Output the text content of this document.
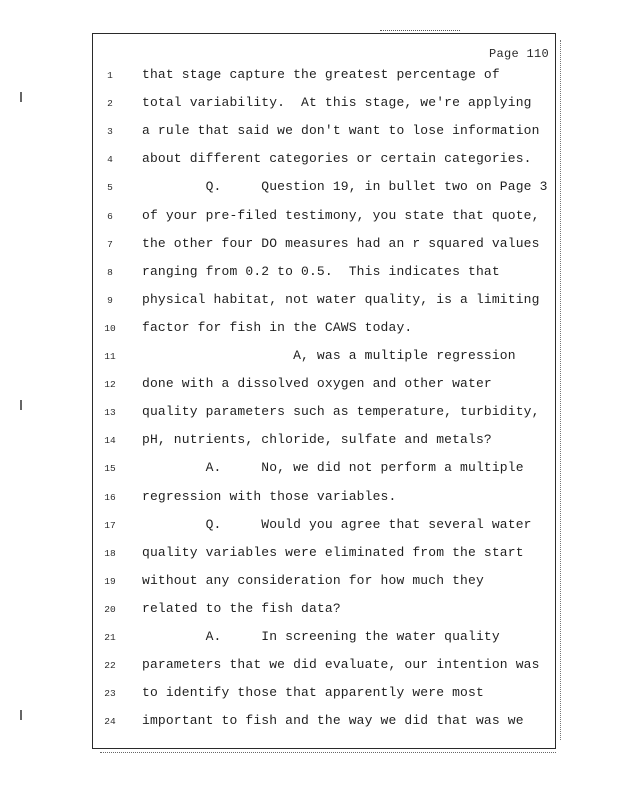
Page 110
1	that stage capture the greatest percentage of
2	total variability.  At this stage, we're applying
3	a rule that said we don't want to lose information
4	about different categories or certain categories.
5	Q.     Question 19, in bullet two on Page 3
6	of your pre-filed testimony, you state that quote,
7	the other four DO measures had an r squared values
8	ranging from 0.2 to 0.5.  This indicates that
9	physical habitat, not water quality, is a limiting
10	factor for fish in the CAWS today.
11	A, was a multiple regression
12	done with a dissolved oxygen and other water
13	quality parameters such as temperature, turbidity,
14	pH, nutrients, chloride, sulfate and metals?
15	A.     No, we did not perform a multiple
16	regression with those variables.
17	Q.     Would you agree that several water
18	quality variables were eliminated from the start
19	without any consideration for how much they
20	related to the fish data?
21	A.     In screening the water quality
22	parameters that we did evaluate, our intention was
23	to identify those that apparently were most
24	important to fish and the way we did that was we
